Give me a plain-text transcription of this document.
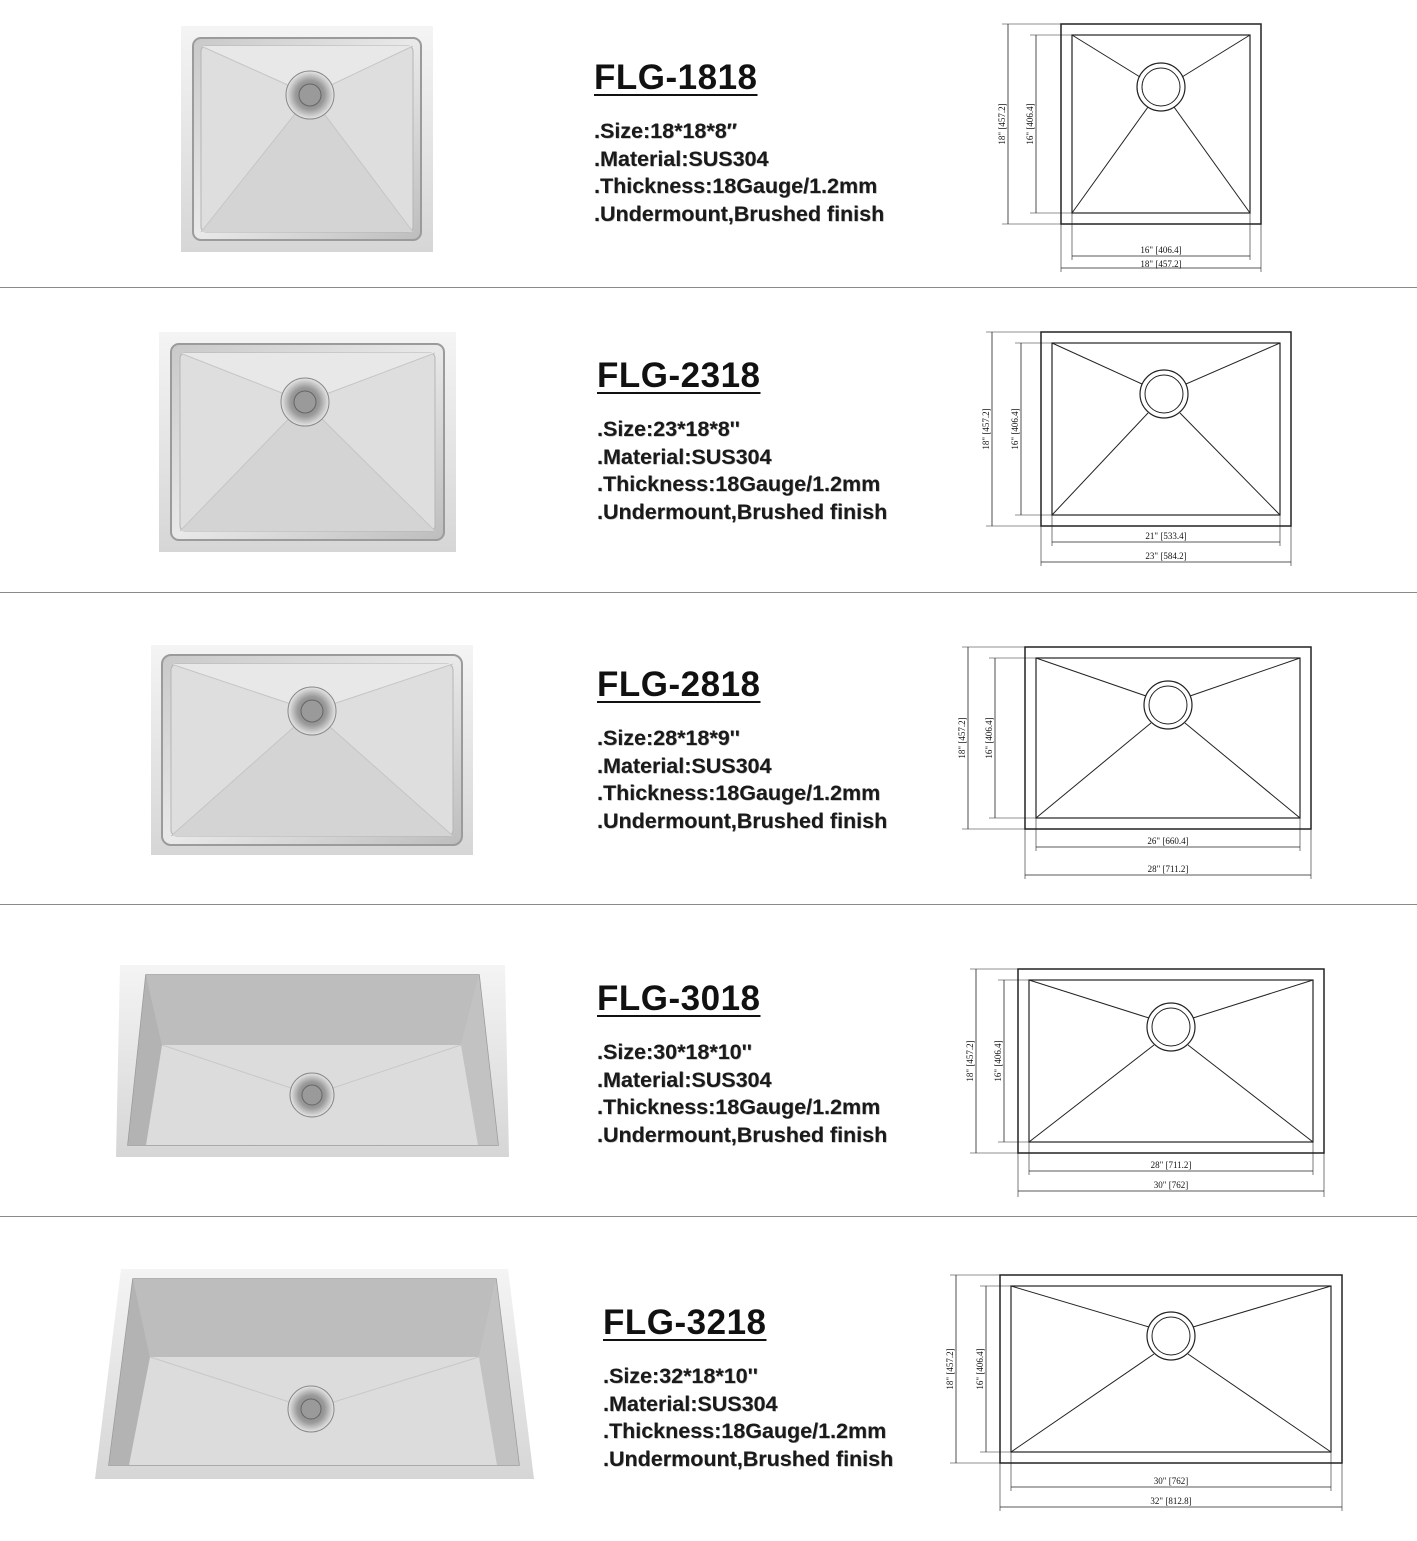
FLG-1818
.Size:18*18*8″
.Material:SUS304
.Thickness:18Gauge/1.2mm
.Undermount,Brushed finish
18" [457.2] 16" [406.4]
16" [406.4]
18" [457.2]
FLG-2318
.Size:23*18*8''
.Material:SUS304
.Thickness:18Gauge/1.2mm
.Undermount,Brushed finish
18" [457.2] 16" [406.4]
21" [533.4]
23" [584.2]
FLG-2818
.Size:28*18*9''
.Material:SUS304
.Thickness:18Gauge/1.2mm
.Undermount,Brushed finish
18" [457.2] 16" [406.4]
26" [660.4]
28" [711.2]
FLG-3018
.Size:30*18*10''
.Material:SUS304
.Thickness:18Gauge/1.2mm
.Undermount,Brushed finish
18" [457.2] 16" [406.4]
28" [711.2]
30" [762]
FLG-3218
.Size:32*18*10''
.Material:SUS304
.Thickness:18Gauge/1.2mm
.Undermount,Brushed finish
18" [457.2] 16" [406.4]
30" [762]
32" [812.8]
